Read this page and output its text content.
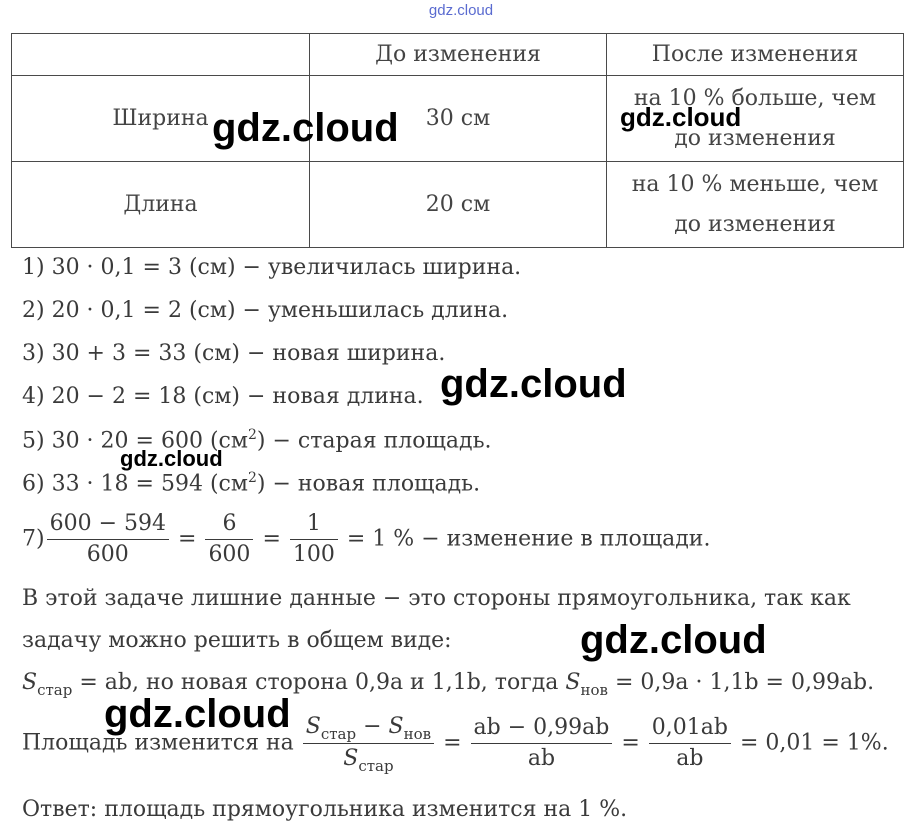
gdz.cloud
	До изменения	После изменения
Ширина	30 см	на 10 % больше, чем
до изменения

Длина	20 см	на 10 % меньше, чем
до изменения
1) 30 · 0,1 = 3 (см) − увеличилась ширина.
2) 20 · 0,1 = 2 (см) − уменьшилась длина.
3) 30 + 3 = 33 (см) − новая ширина.
4) 20 − 2 = 18 (см) − новая длина.
5) 30 · 20 = 600 $(см^2)$ − старая площадь.
6) 33 · 18 = 594 $(см^2)$ − новая площадь.
$7) \frac{600 - 594}{600} = \frac{6}{600} = \frac{1}{100} = 1$ % − изменение в площади.
В этой задаче лишние данные − это стороны прямоугольника, так как
задачу можно решить в общем виде:
$S_{стар}$ = ab, но новая сторона 0,9a и 1,1b, тогда $S_{нов} = 0,9a \cdot 1,1b = 0,99ab$.
Площадь изменится на $\frac{S_{стар} - S_{нов}}{S_{стар}} = \frac{ab - 0,99ab}{ab} = \frac{0,01ab}{ab} = 0,01 = 1\%$.
Ответ: площадь прямоугольника изменится на 1 %.
gdz.cloud	gdz.cloud
gdz.cloud
gdz.cloud
gdz.cloud
gdz.cloud
